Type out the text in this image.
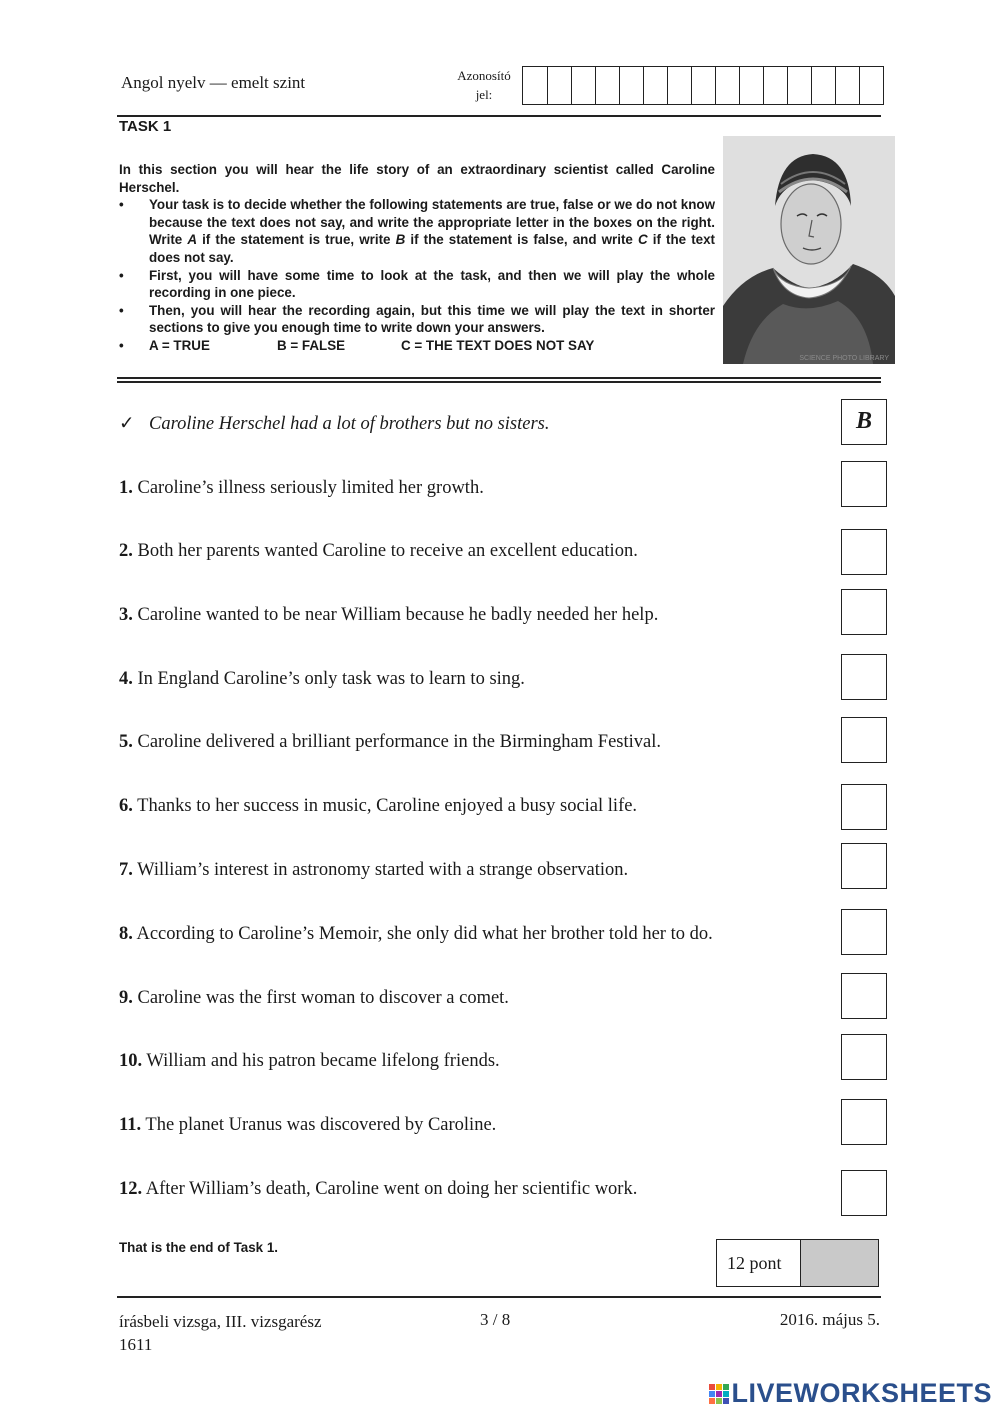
Angol nyelv — emelt szint	Azonosító
jel:
TASK 1
In this section you will hear the life story of an extraordinary scientist called Caroline Herschel.
• Your task is to decide whether the following statements are true, false or we do not know because the text does not say, and write the appropriate letter in the boxes on the right. Write A if the statement is true, write B if the statement is false, and write C if the text does not say.
• First, you will have some time to look at the task, and then we will play the whole recording in one piece.
• Then, you will hear the recording again, but this time we will play the text in shorter sections to give you enough time to write down your answers.
• A = TRUE	B = FALSE	C = THE TEXT DOES NOT SAY
SCIENCE PHOTO LIBRARY
✓ Caroline Herschel had a lot of brothers but no sisters.	B
1. Caroline’s illness seriously limited her growth.
2. Both her parents wanted Caroline to receive an excellent education.
3. Caroline wanted to be near William because he badly needed her help.
4. In England Caroline’s only task was to learn to sing.
5. Caroline delivered a brilliant performance in the Birmingham Festival.
6. Thanks to her success in music, Caroline enjoyed a busy social life.
7. William’s interest in astronomy started with a strange observation.
8. According to Caroline’s Memoir, she only did what her brother told her to do.
9. Caroline was the first woman to discover a comet.
10. William and his patron became lifelong friends.
11. The planet Uranus was discovered by Caroline.
12. After William’s death, Caroline went on doing her scientific work.
That is the end of Task 1.
12 pont
írásbeli vizsga, III. vizsgarész
1611
3 / 8	2016. május 5.
LIVEWORKSHEETS
